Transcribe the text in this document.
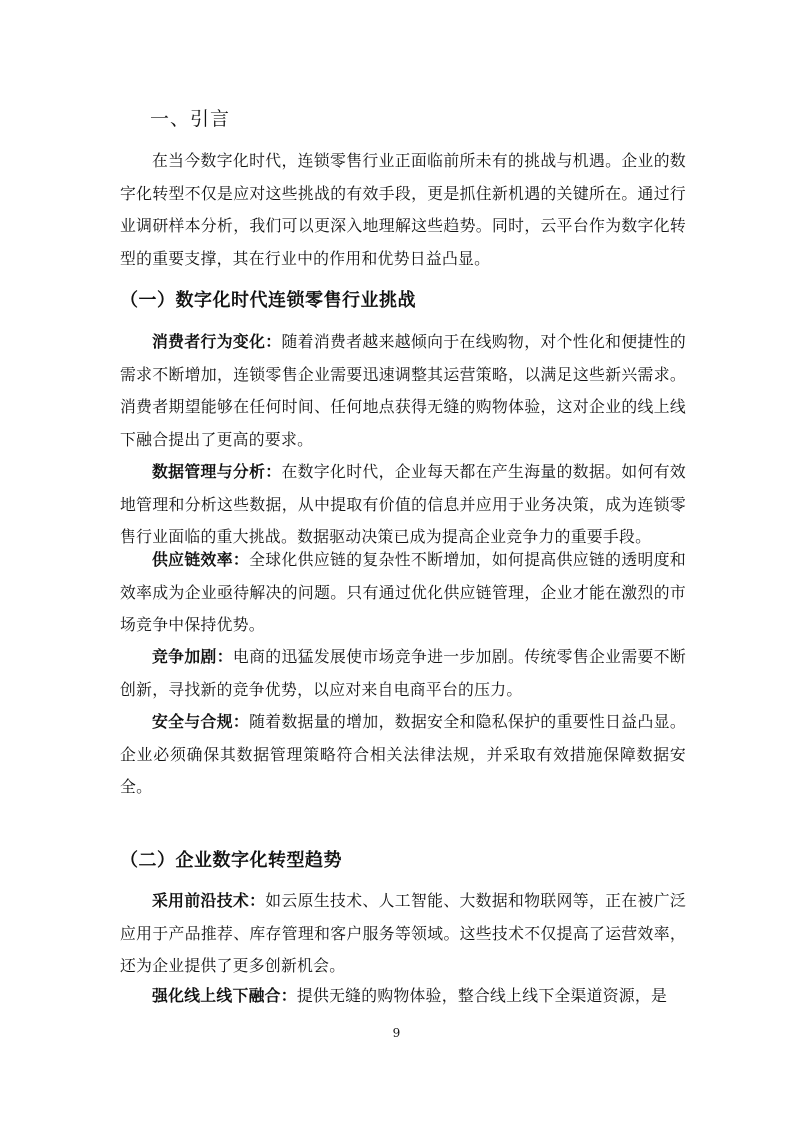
一、引言

在当今数字化时代，连锁零售行业正面临前所未有的挑战与机遇。企业的数字化转型不仅是应对这些挑战的有效手段，更是抓住新机遇的关键所在。通过行业调研样本分析，我们可以更深入地理解这些趋势。同时，云平台作为数字化转型的重要支撑，其在行业中的作用和优势日益凸显。

（一）数字化时代连锁零售行业挑战

消费者行为变化：随着消费者越来越倾向于在线购物，对个性化和便捷性的需求不断增加，连锁零售企业需要迅速调整其运营策略，以满足这些新兴需求。消费者期望能够在任何时间、任何地点获得无缝的购物体验，这对企业的线上线下融合提出了更高的要求。

数据管理与分析：在数字化时代，企业每天都在产生海量的数据。如何有效地管理和分析这些数据，从中提取有价值的信息并应用于业务决策，成为连锁零售行业面临的重大挑战。数据驱动决策已成为提高企业竞争力的重要手段。

供应链效率：全球化供应链的复杂性不断增加，如何提高供应链的透明度和效率成为企业亟待解决的问题。只有通过优化供应链管理，企业才能在激烈的市场竞争中保持优势。

竞争加剧：电商的迅猛发展使市场竞争进一步加剧。传统零售企业需要不断创新，寻找新的竞争优势，以应对来自电商平台的压力。

安全与合规：随着数据量的增加，数据安全和隐私保护的重要性日益凸显。企业必须确保其数据管理策略符合相关法律法规，并采取有效措施保障数据安全。

（二）企业数字化转型趋势

采用前沿技术：如云原生技术、人工智能、大数据和物联网等，正在被广泛应用于产品推荐、库存管理和客户服务等领域。这些技术不仅提高了运营效率，还为企业提供了更多创新机会。

强化线上线下融合：提供无缝的购物体验，整合线上线下全渠道资源，是

9
